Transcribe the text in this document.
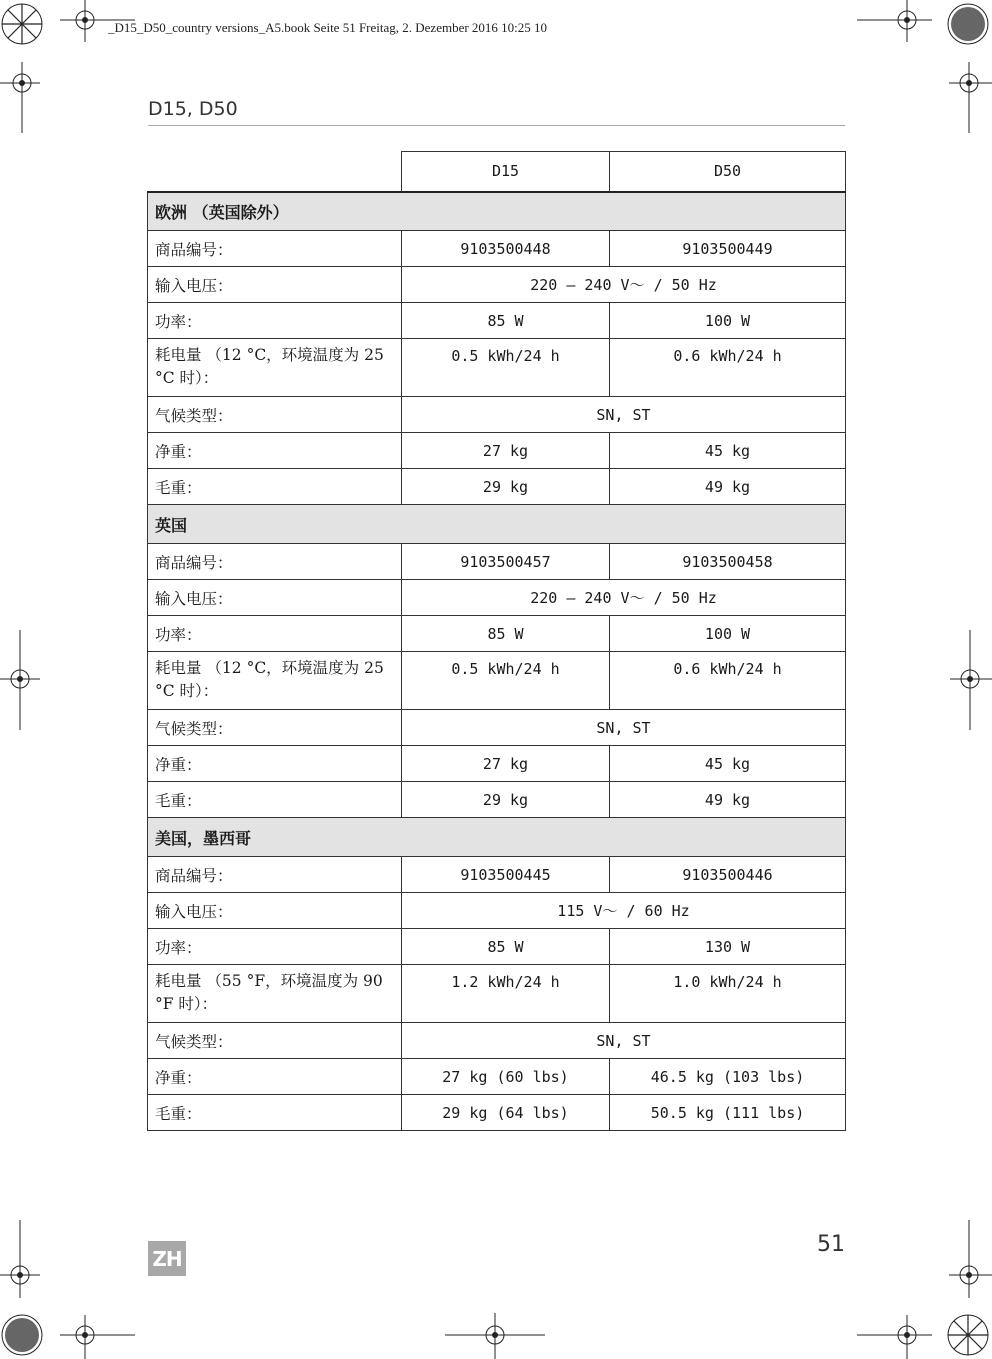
_D15_D50_country versions_A5.book Seite 51 Freitag, 2. Dezember 2016 10:25 10
D15, D50
	D15	D50
欧洲 （英国除外）		
商品编号：	9103500448	9103500449
输入电压：	220 – 240 V〜 / 50 Hz	
功率：	85 W	100 W
耗电量 （12 °C，环境温度为 25 °C 时）：	0.5 kWh/24 h	0.6 kWh/24 h
气候类型：	SN, ST	
净重：	27 kg	45 kg
毛重：	29 kg	49 kg
英国		
商品编号：	9103500457	9103500458
输入电压：	220 – 240 V〜 / 50 Hz	
功率：	85 W	100 W
耗电量 （12 °C，环境温度为 25 °C 时）：	0.5 kWh/24 h	0.6 kWh/24 h
气候类型：	SN, ST	
净重：	27 kg	45 kg
毛重：	29 kg	49 kg
美国，墨西哥		
商品编号：	9103500445	9103500446
输入电压：	115 V〜 / 60 Hz	
功率：	85 W	130 W
耗电量 （55 °F，环境温度为 90 °F 时）：	1.2 kWh/24 h	1.0 kWh/24 h
气候类型：	SN, ST	
净重：	27 kg (60 lbs)	46.5 kg (103 lbs)
毛重：	29 kg (64 lbs)	50.5 kg (111 lbs)
ZH
51
